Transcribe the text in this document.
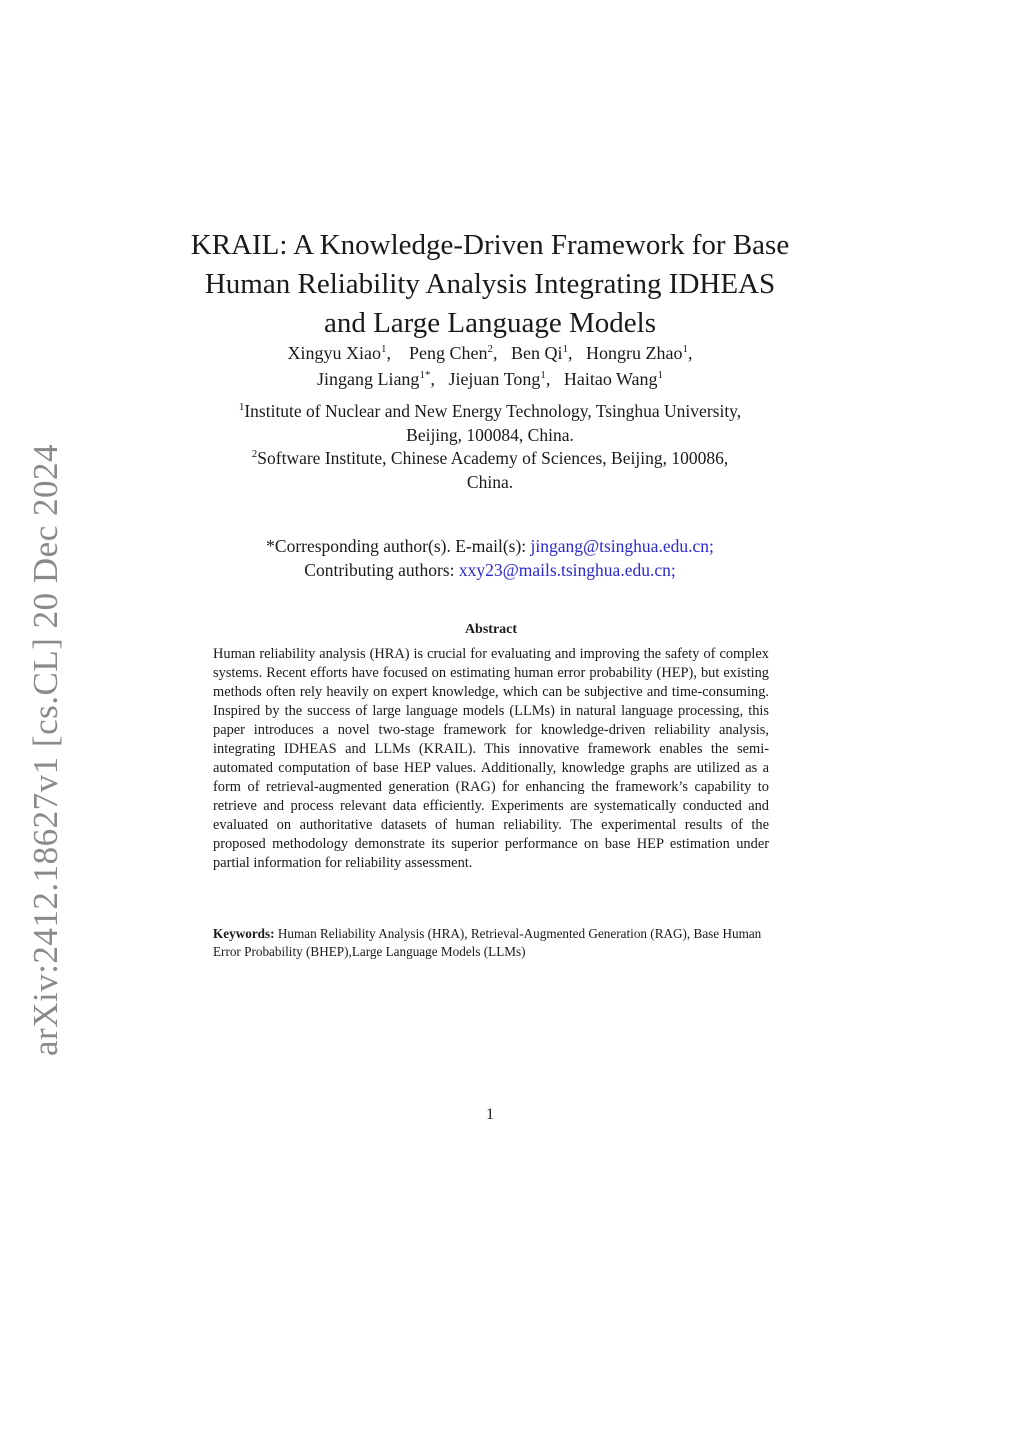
arXiv:2412.18627v1 [cs.CL] 20 Dec 2024
KRAIL: A Knowledge-Driven Framework for Base
Human Reliability Analysis Integrating IDHEAS
and Large Language Models
Xingyu Xiao$^1$, Peng Chen$^2$, Ben Qi$^1$, Hongru Zhao$^1$,
Jingang Liang$^{1*}$, Jiejuan Tong$^1$, Haitao Wang$^1$

$^1$Institute of Nuclear and New Energy Technology, Tsinghua University,
Beijing, 100084, China.

$^2$Software Institute, Chinese Academy of Sciences, Beijing, 100086,
China.

*Corresponding author(s). E-mail(s): jingang@tsinghua.edu.cn;
Contributing authors: xxy23@mails.tsinghua.edu.cn;
Abstract

Human reliability analysis (HRA) is crucial for evaluating and improving the safety of complex systems. Recent efforts have focused on estimating human error probability (HEP), but existing methods often rely heavily on expert knowledge, which can be subjective and time-consuming. Inspired by the success of large language models (LLMs) in natural language processing, this paper introduces a novel two-stage framework for knowledge-driven reliability analysis, integrating IDHEAS and LLMs (KRAIL). This innovative framework enables the semiautomated computation of base HEP values. Additionally, knowledge graphs are utilized as a form of retrieval-augmented generation (RAG) for enhancing the framework’s capability to retrieve and process relevant data efficiently. Experiments are systematically conducted and evaluated on authoritative datasets of human reliability. The experimental results of the proposed methodology demonstrate its superior performance on base HEP estimation under partial information for reliability assessment.

Keywords: Human Reliability Analysis (HRA), Retrieval-Augmented Generation (RAG), Base Human Error Probability (BHEP),Large Language Models (LLMs)

1
